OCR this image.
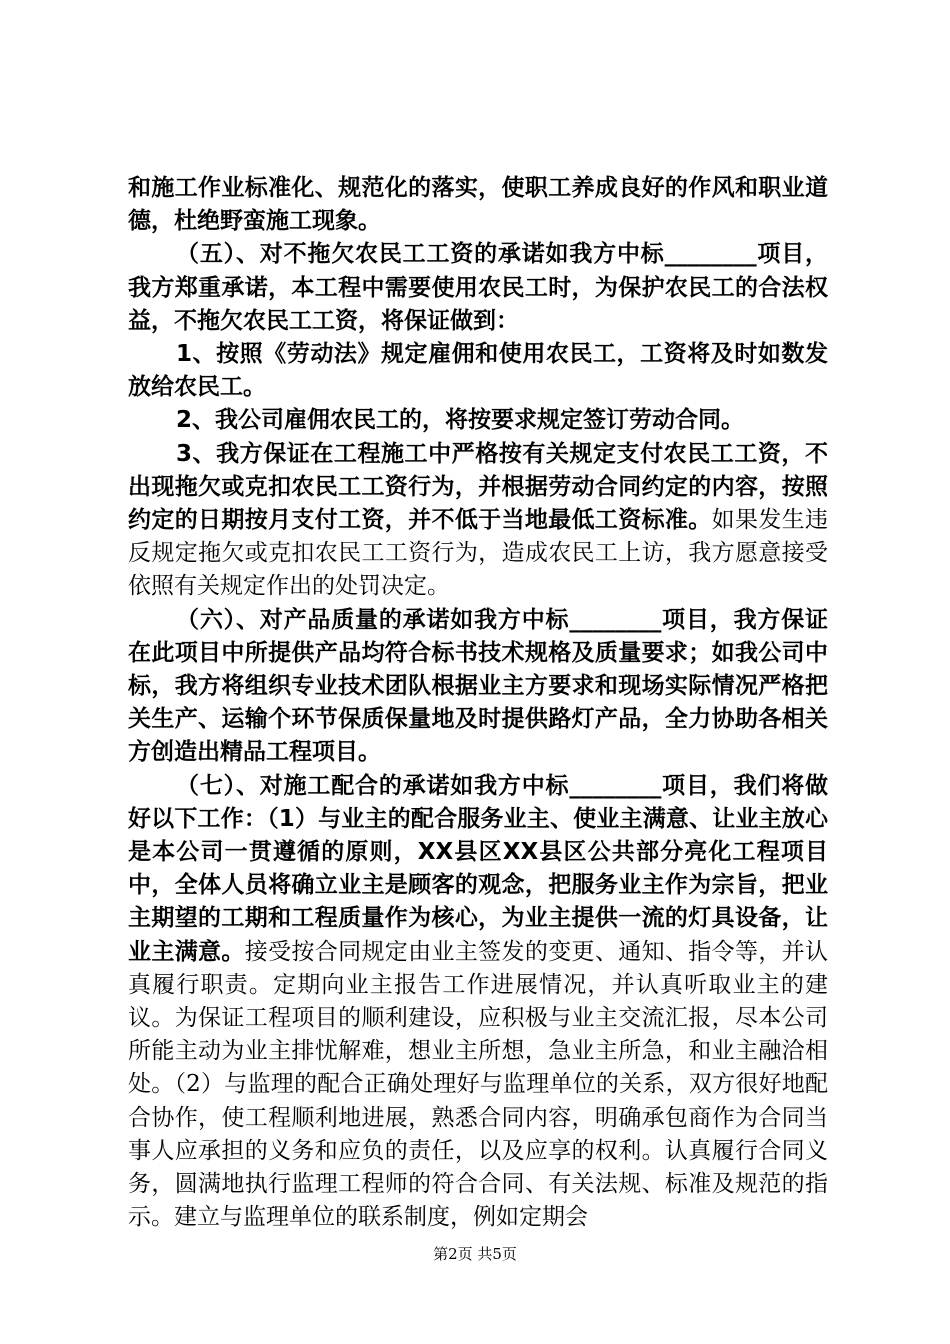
和施工作业标准化、规范化的落实，使职工养成良好的作风和职业道德，杜绝野蛮施工现象。

（五）、对不拖欠农民工工资的承诺如我方中标________项目，我方郑重承诺，本工程中需要使用农民工时，为保护农民工的合法权益，不拖欠农民工工资，将保证做到：

1、按照《劳动法》规定雇佣和使用农民工，工资将及时如数发放给农民工。

2、我公司雇佣农民工的，将按要求规定签订劳动合同。

3、我方保证在工程施工中严格按有关规定支付农民工工资，不出现拖欠或克扣农民工工资行为，并根据劳动合同约定的内容，按照约定的日期按月支付工资，并不低于当地最低工资标准。如果发生违反规定拖欠或克扣农民工工资行为，造成农民工上访，我方愿意接受依照有关规定作出的处罚决定。

（六）、对产品质量的承诺如我方中标________项目，我方保证在此项目中所提供产品均符合标书技术规格及质量要求；如我公司中标，我方将组织专业技术团队根据业主方要求和现场实际情况严格把关生产、运输个环节保质保量地及时提供路灯产品，全力协助各相关方创造出精品工程项目。

（七）、对施工配合的承诺如我方中标________项目，我们将做好以下工作：（1）与业主的配合服务业主、使业主满意、让业主放心是本公司一贯遵循的原则，XX县区XX县区公共部分亮化工程项目中，全体人员将确立业主是顾客的观念，把服务业主作为宗旨，把业主期望的工期和工程质量作为核心，为业主提供一流的灯具设备，让业主满意。接受按合同规定由业主签发的变更、通知、指令等，并认真履行职责。定期向业主报告工作进展情况，并认真听取业主的建议。为保证工程项目的顺利建设，应积极与业主交流汇报，尽本公司所能主动为业主排忧解难，想业主所想，急业主所急，和业主融洽相处。（2）与监理的配合正确处理好与监理单位的关系，双方很好地配合协作，使工程顺利地进展，熟悉合同内容，明确承包商作为合同当事人应承担的义务和应负的责任，以及应享的权利。认真履行合同义务，圆满地执行监理工程师的符合合同、有关法规、标准及规范的指示。建立与监理单位的联系制度，例如定期会

第2页 共5页
